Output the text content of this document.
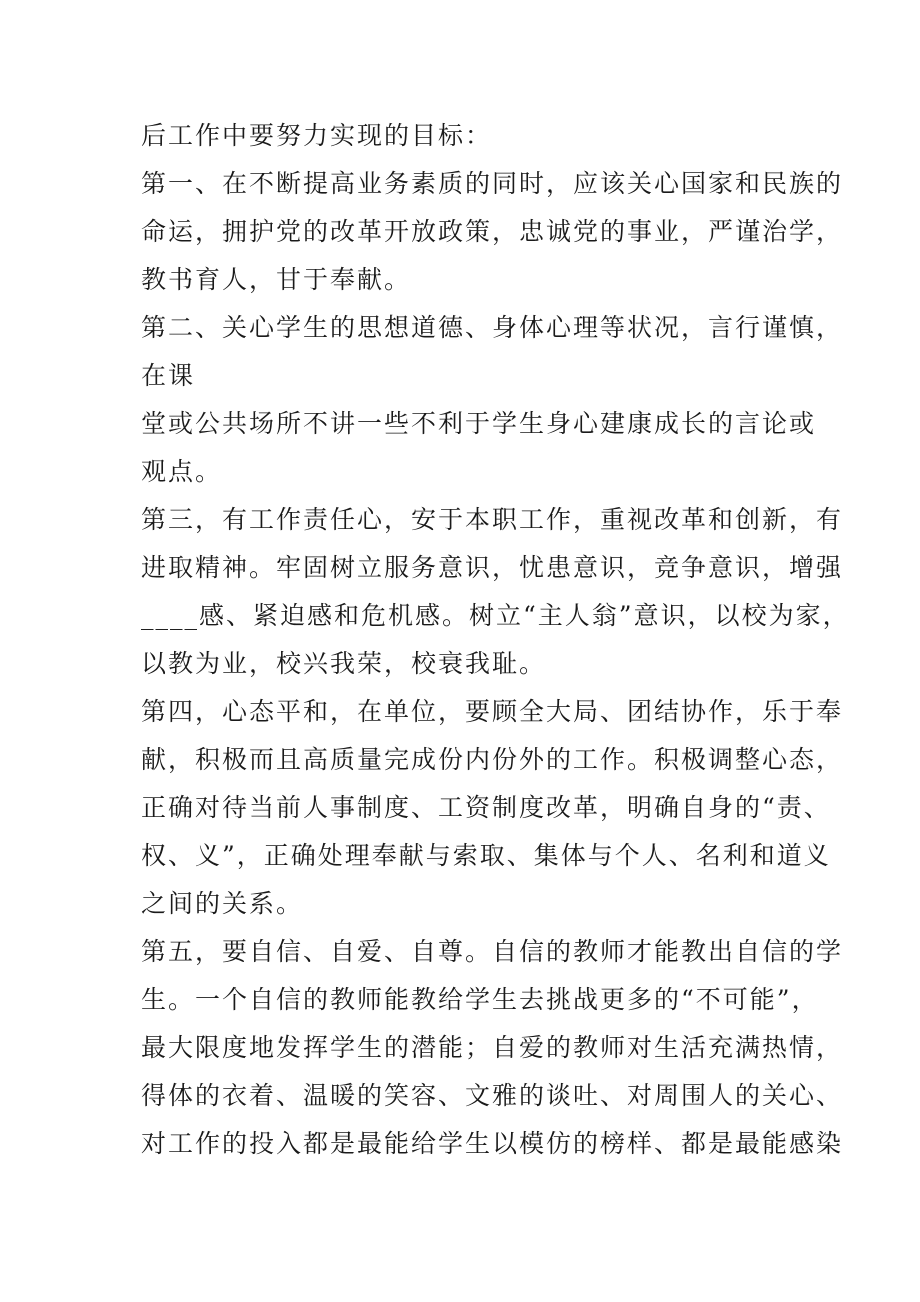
后工作中要努力实现的目标：
第一、在不断提高业务素质的同时，应该关心国家和民族的
命运，拥护党的改革开放政策，忠诚党的事业，严谨治学，
教书育人，甘于奉献。
第二、关心学生的思想道德、身体心理等状况，言行谨慎，
在课
堂或公共场所不讲一些不利于学生身心建康成长的言论或
观点。
第三，有工作责任心，安于本职工作，重视改革和创新，有
进取精神。牢固树立服务意识，忧患意识，竞争意识，增强
____感、紧迫感和危机感。树立“主人翁”意识，以校为家，
以教为业，校兴我荣，校衰我耻。
第四，心态平和，在单位，要顾全大局、团结协作，乐于奉
献，积极而且高质量完成份内份外的工作。积极调整心态，
正确对待当前人事制度、工资制度改革，明确自身的“责、
权、义”，正确处理奉献与索取、集体与个人、名利和道义
之间的关系。
第五，要自信、自爱、自尊。自信的教师才能教出自信的学
生。一个自信的教师能教给学生去挑战更多的“不可能”，
最大限度地发挥学生的潜能；自爱的教师对生活充满热情，
得体的衣着、温暖的笑容、文雅的谈吐、对周围人的关心、
对工作的投入都是最能给学生以模仿的榜样、都是最能感染
